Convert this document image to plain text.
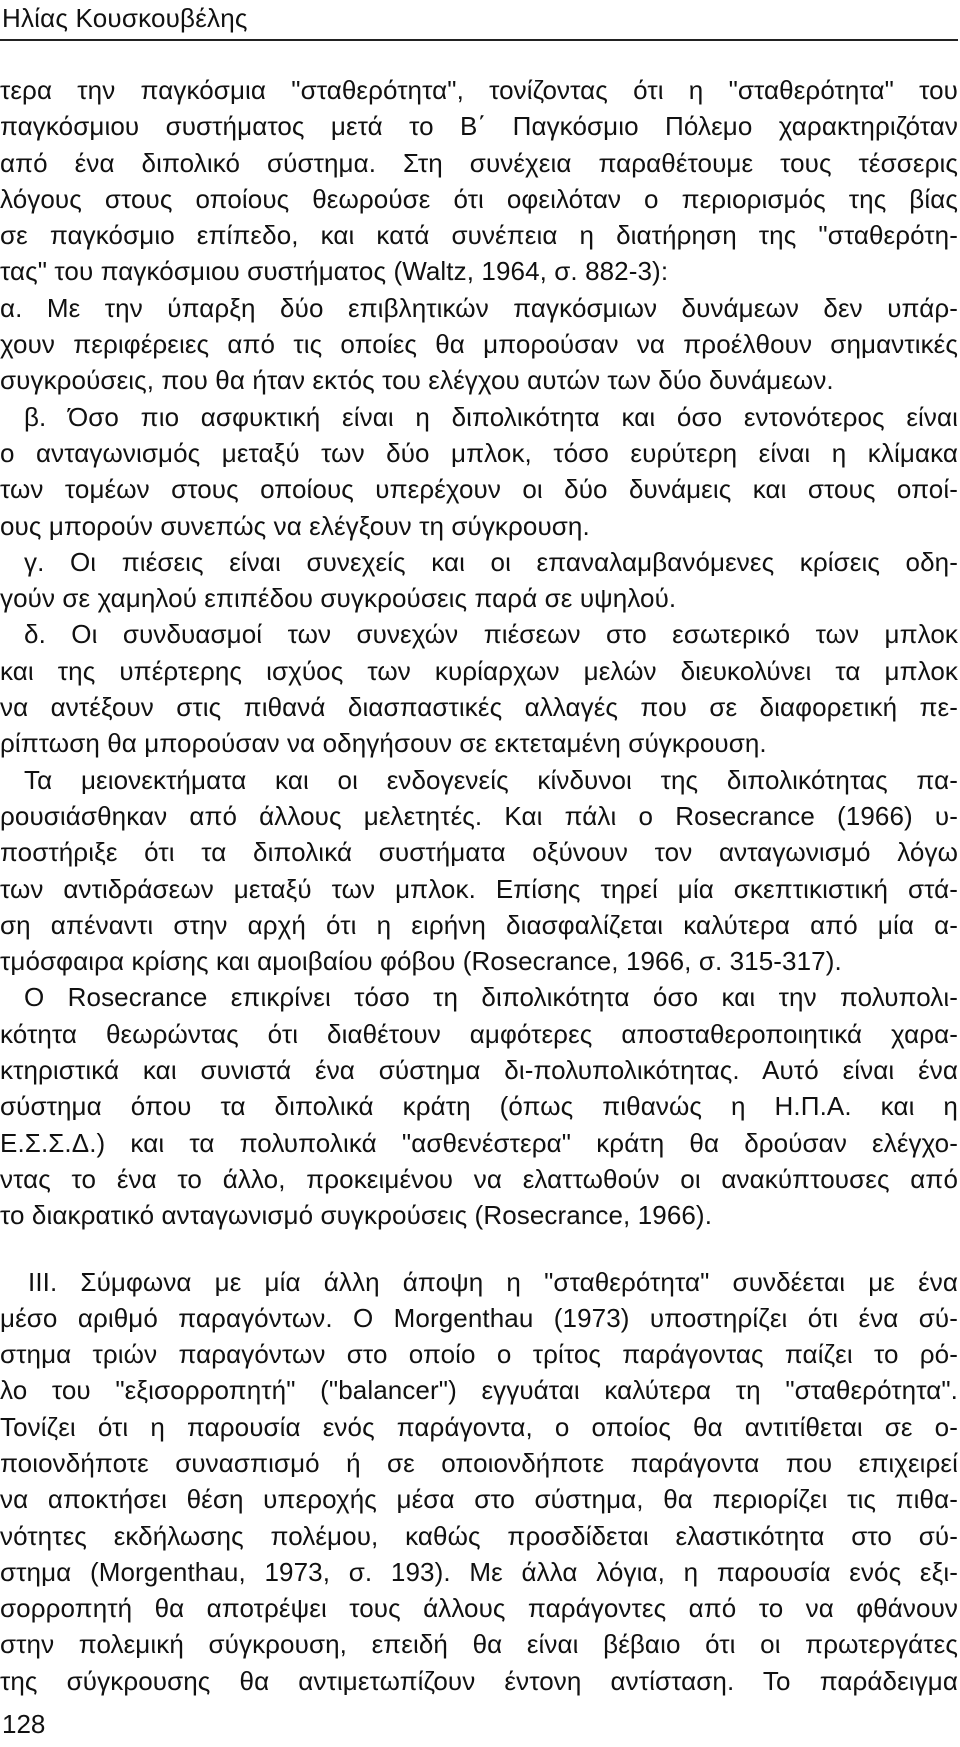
Ηλίας Κουσκουβέλης
τερα την παγκόσμια "σταθερότητα", τονίζοντας ότι η "σταθερότητα" του
παγκόσμιου συστήματος μετά το Β΄ Παγκόσμιο Πόλεμο χαρακτηριζόταν
από ένα διπολικό σύστημα. Στη συνέχεια παραθέτουμε τους τέσσερις
λόγους στους οποίους θεωρούσε ότι οφειλόταν ο περιορισμός της βίας
σε παγκόσμιο επίπεδο, και κατά συνέπεια η διατήρηση της "σταθερότη-
τας" του παγκόσμιου συστήματος (Waltz, 1964, σ. 882-3):
α. Με την ύπαρξη δύο επιβλητικών παγκόσμιων δυνάμεων δεν υπάρ-
χουν περιφέρειες από τις οποίες θα μπορούσαν να προέλθουν σημαντικές
συγκρούσεις, που θα ήταν εκτός του ελέγχου αυτών των δύο δυνάμεων.
β. Όσο πιο ασφυκτική είναι η διπολικότητα και όσο εντονότερος είναι
ο ανταγωνισμός μεταξύ των δύο μπλοκ, τόσο ευρύτερη είναι η κλίμακα
των τομέων στους οποίους υπερέχουν οι δύο δυνάμεις και στους οποί-
ους μπορούν συνεπώς να ελέγξουν τη σύγκρουση.
γ. Οι πιέσεις είναι συνεχείς και οι επαναλαμβανόμενες κρίσεις οδη-
γούν σε χαμηλού επιπέδου συγκρούσεις παρά σε υψηλού.
δ. Οι συνδυασμοί των συνεχών πιέσεων στο εσωτερικό των μπλοκ
και της υπέρτερης ισχύος των κυρίαρχων μελών διευκολύνει τα μπλοκ
να αντέξουν στις πιθανά διασπαστικές αλλαγές που σε διαφορετική πε-
ρίπτωση θα μπορούσαν να οδηγήσουν σε εκτεταμένη σύγκρουση.
Τα μειονεκτήματα και οι ενδογενείς κίνδυνοι της διπολικότητας πα-
ρουσιάσθηκαν από άλλους μελετητές. Και πάλι ο Rosecrance (1966) υ-
ποστήριξε ότι τα διπολικά συστήματα οξύνουν τον ανταγωνισμό λόγω
των αντιδράσεων μεταξύ των μπλοκ. Επίσης τηρεί μία σκεπτικιστική στά-
ση απέναντι στην αρχή ότι η ειρήνη διασφαλίζεται καλύτερα από μία α-
τμόσφαιρα κρίσης και αμοιβαίου φόβου (Rosecrance, 1966, σ. 315-317).
Ο Rosecrance επικρίνει τόσο τη διπολικότητα όσο και την πολυπολι-
κότητα θεωρώντας ότι διαθέτουν αμφότερες αποσταθεροποιητικά χαρα-
κτηριστικά και συνιστά ένα σύστημα δι-πολυπολικότητας. Αυτό είναι ένα
σύστημα όπου τα διπολικά κράτη (όπως πιθανώς η Η.Π.Α. και η
Ε.Σ.Σ.Δ.) και τα πολυπολικά "ασθενέστερα" κράτη θα δρούσαν ελέγχο-
ντας το ένα το άλλο, προκειμένου να ελαττωθούν οι ανακύπτουσες από
το διακρατικό ανταγωνισμό συγκρούσεις (Rosecrance, 1966).
III. Σύμφωνα με μία άλλη άποψη η "σταθερότητα" συνδέεται με ένα
μέσο αριθμό παραγόντων. Ο Morgenthau (1973) υποστηρίζει ότι ένα σύ-
στημα τριών παραγόντων στο οποίο ο τρίτος παράγοντας παίζει το ρό-
λο του "εξισορροπητή" ("balancer") εγγυάται καλύτερα τη "σταθερότητα".
Τονίζει ότι η παρουσία ενός παράγοντα, ο οποίος θα αντιτίθεται σε ο-
ποιονδήποτε συνασπισμό ή σε οποιονδήποτε παράγοντα που επιχειρεί
να αποκτήσει θέση υπεροχής μέσα στο σύστημα, θα περιορίζει τις πιθα-
νότητες εκδήλωσης πολέμου, καθώς προσδίδεται ελαστικότητα στο σύ-
στημα (Morgenthau, 1973, σ. 193). Με άλλα λόγια, η παρουσία ενός εξι-
σορροπητή θα αποτρέψει τους άλλους παράγοντες από το να φθάνουν
στην πολεμική σύγκρουση, επειδή θα είναι βέβαιο ότι οι πρωτεργάτες
της σύγκρουσης θα αντιμετωπίζουν έντονη αντίσταση. Το παράδειγμα
128
